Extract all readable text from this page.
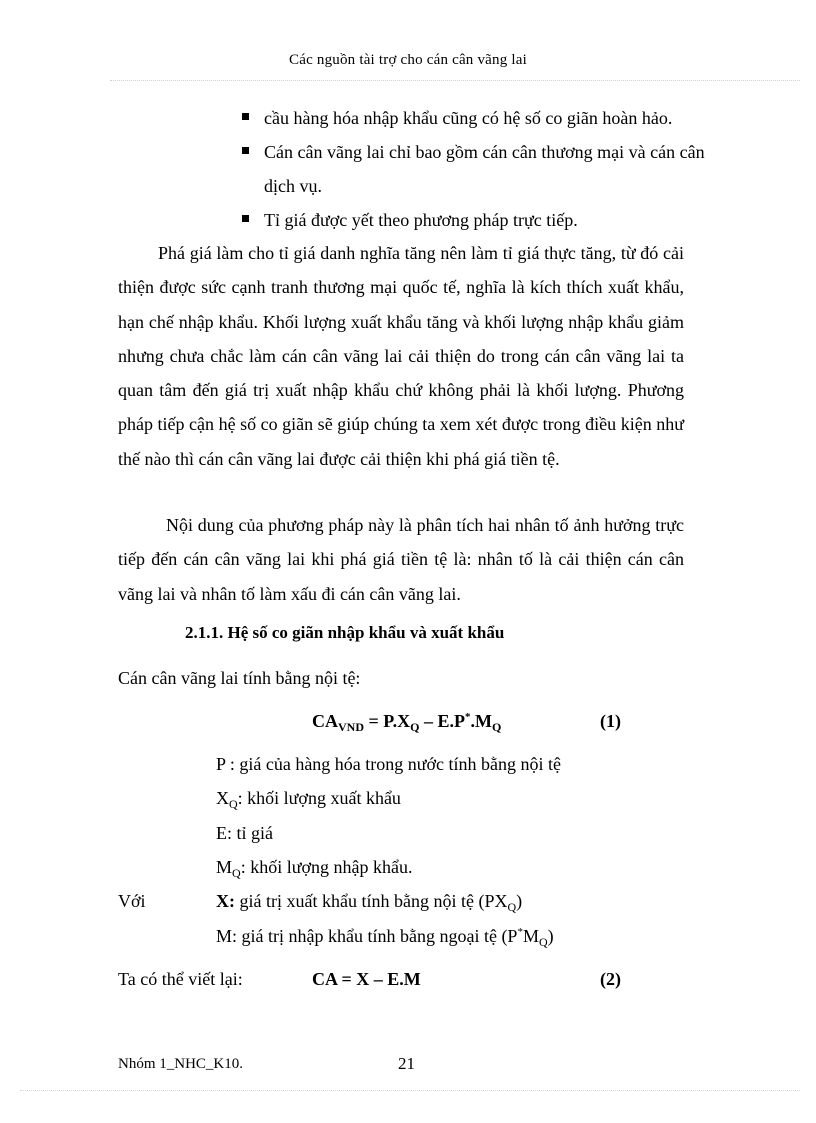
Các nguồn tài trợ cho cán cân vãng lai
cầu hàng hóa nhập khẩu cũng có hệ số co giãn hoàn hảo.
Cán cân vãng lai chỉ bao gồm cán cân thương mại và cán cân dịch vụ.
Tỉ giá được yết theo phương pháp trực tiếp.
Phá giá làm cho tỉ giá danh nghĩa tăng nên làm tỉ giá thực tăng, từ đó cải thiện được sức cạnh tranh thương mại quốc tế, nghĩa là kích thích xuất khẩu, hạn chế nhập khẩu. Khối lượng xuất khẩu tăng và khối lượng nhập khẩu giảm nhưng chưa chắc làm cán cân vãng lai cải thiện do trong cán cân vãng lai ta quan tâm đến giá trị xuất nhập khẩu chứ không phải là khối lượng. Phương pháp tiếp cận hệ số co giãn sẽ giúp chúng ta xem xét được trong điều kiện như thế nào thì cán cân vãng lai được cải thiện khi phá giá tiền tệ.
Nội dung của phương pháp này là phân tích hai nhân tố ảnh hưởng trực tiếp đến cán cân vãng lai khi phá giá tiền tệ là: nhân tố là cải thiện cán cân vãng lai và nhân tố làm xấu đi cán cân vãng lai.
2.1.1. Hệ số co giãn nhập khẩu và xuất khẩu
Cán cân vãng lai tính bằng nội tệ:
$CA_{VND} = P.X_Q - E.P^*.M_Q$	(1)
P : giá của hàng hóa trong nước tính bằng nội tệ
$X_Q$: khối lượng xuất khẩu
E: tỉ giá
$M_Q$: khối lượng nhập khẩu.
Với	X: giá trị xuất khẩu tính bằng nội tệ $(PX_Q)$
M: giá trị nhập khẩu tính bằng ngoại tệ $(P^*M_Q)$
Ta có thể viết lại:	CA = X – E.M	(2)
Nhóm 1_NHC_K10.	21
